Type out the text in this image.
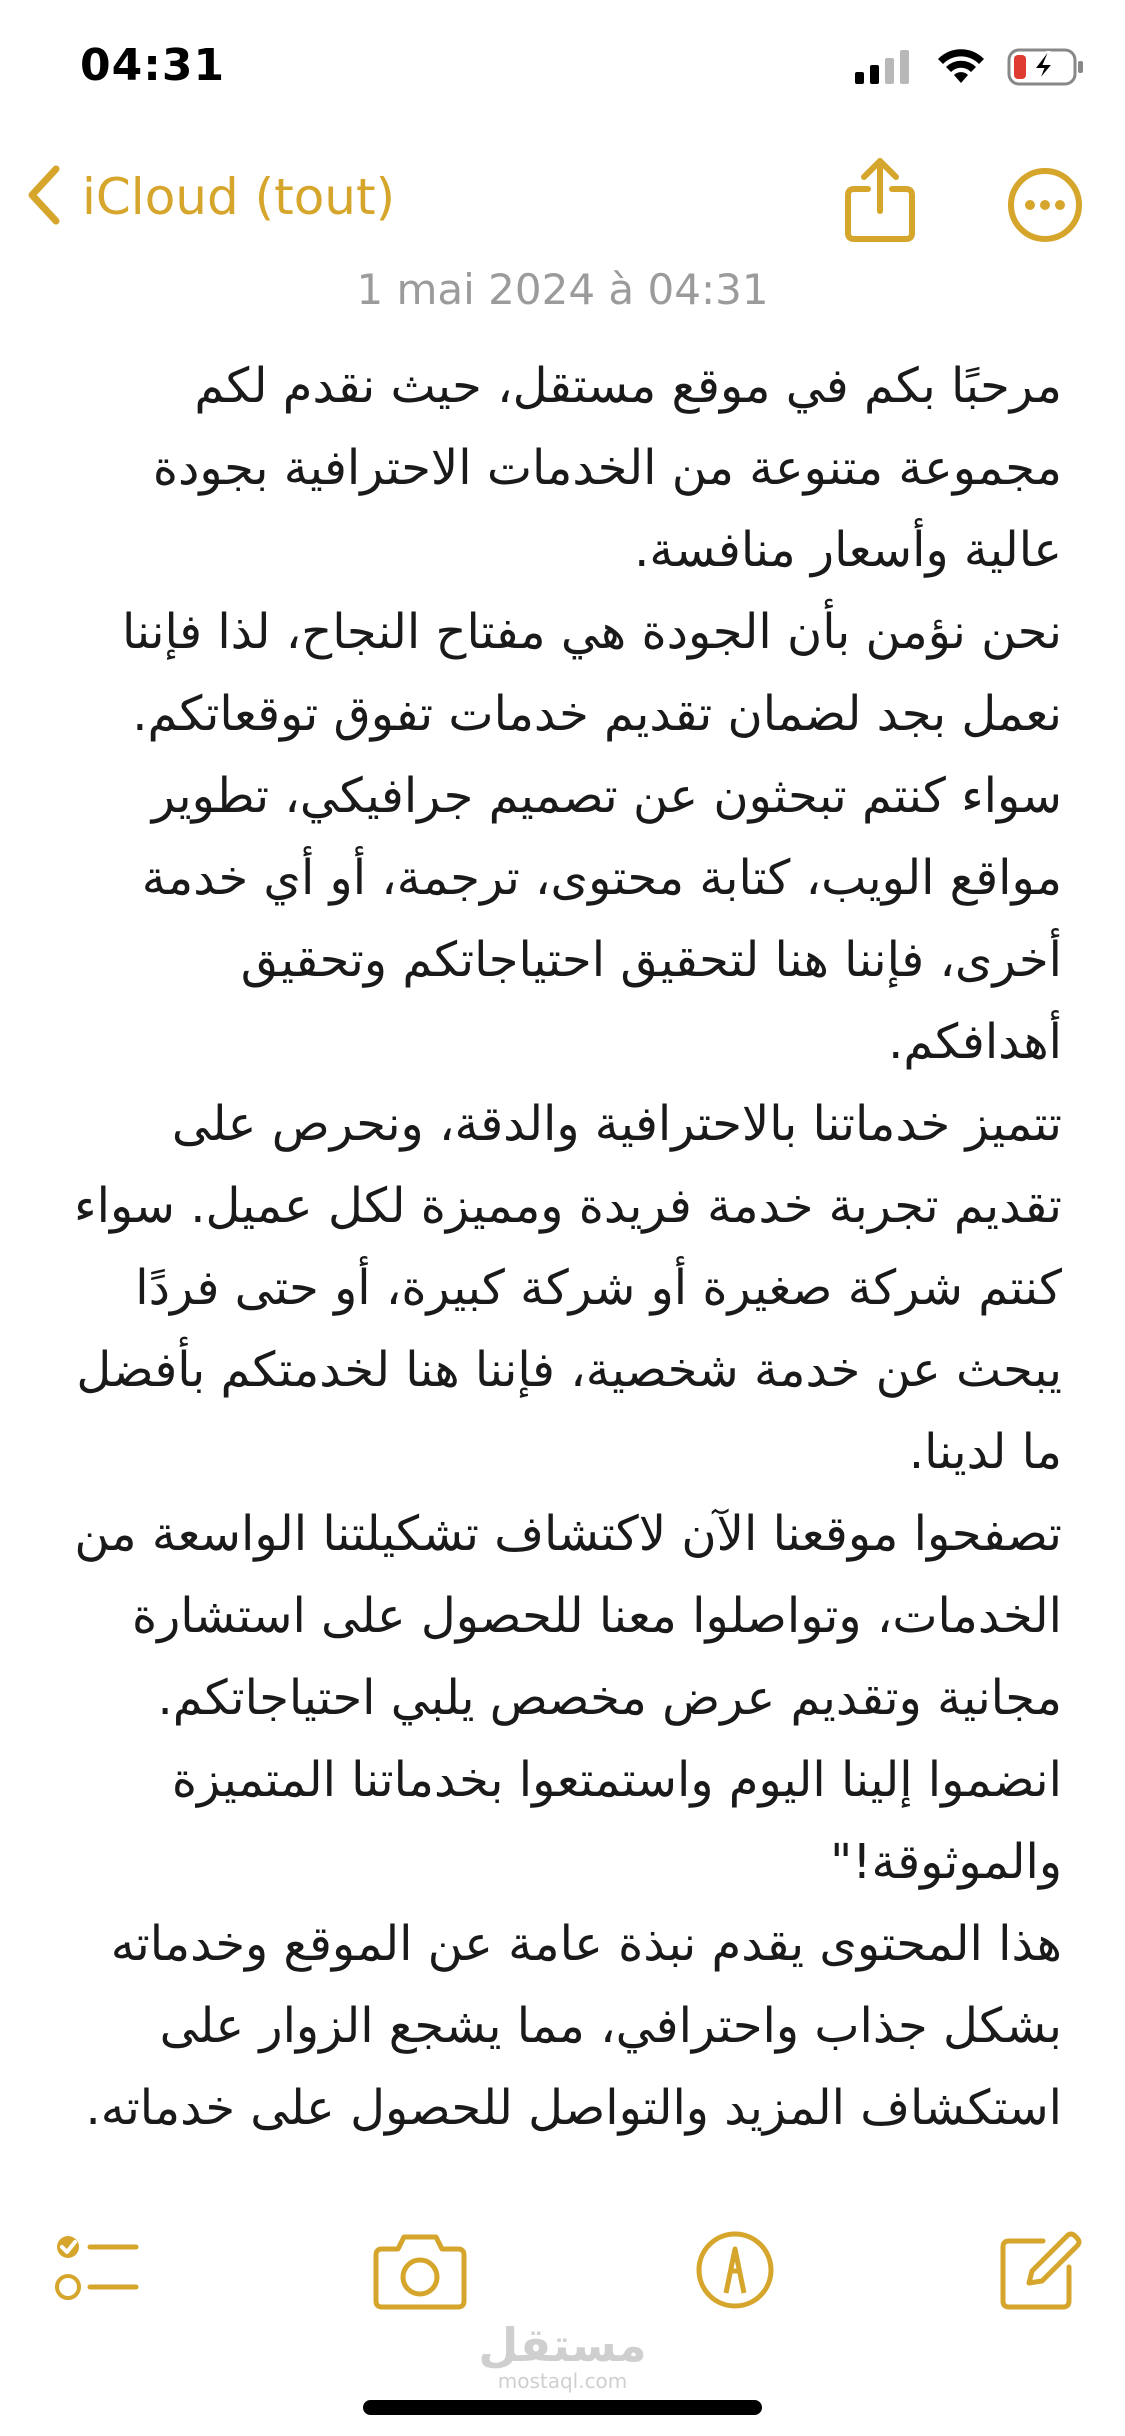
04:31
iCloud (tout)
1 mai 2024 à 04:31

مرحبًا بكم في موقع مستقل، حيث نقدم لكم مجموعة متنوعة من الخدمات الاحترافية بجودة عالية وأسعار منافسة.

نحن نؤمن بأن الجودة هي مفتاح النجاح، لذا فإننا نعمل بجد لضمان تقديم خدمات تفوق توقعاتكم.

سواء كنتم تبحثون عن تصميم جرافيكي، تطوير مواقع الويب، كتابة محتوى، ترجمة، أو أي خدمة أخرى، فإننا هنا لتحقيق احتياجاتكم وتحقيق أهدافكم.

تتميز خدماتنا بالاحترافية والدقة، ونحرص على تقديم تجربة خدمة فريدة ومميزة لكل عميل. سواء كنتم شركة صغيرة أو شركة كبيرة، أو حتى فردًا يبحث عن خدمة شخصية، فإننا هنا لخدمتكم بأفضل ما لدينا.

تصفحوا موقعنا الآن لاكتشاف تشكيلتنا الواسعة من الخدمات، وتواصلوا معنا للحصول على استشارة مجانية وتقديم عرض مخصص يلبي احتياجاتكم.

انضموا إلينا اليوم واستمتعوا بخدماتنا المتميزة والموثوقة!"

هذا المحتوى يقدم نبذة عامة عن الموقع وخدماته بشكل جذاب واحترافي، مما يشجع الزوار على استكشاف المزيد والتواصل للحصول على خدماته.

مستقل
mostaql.com
